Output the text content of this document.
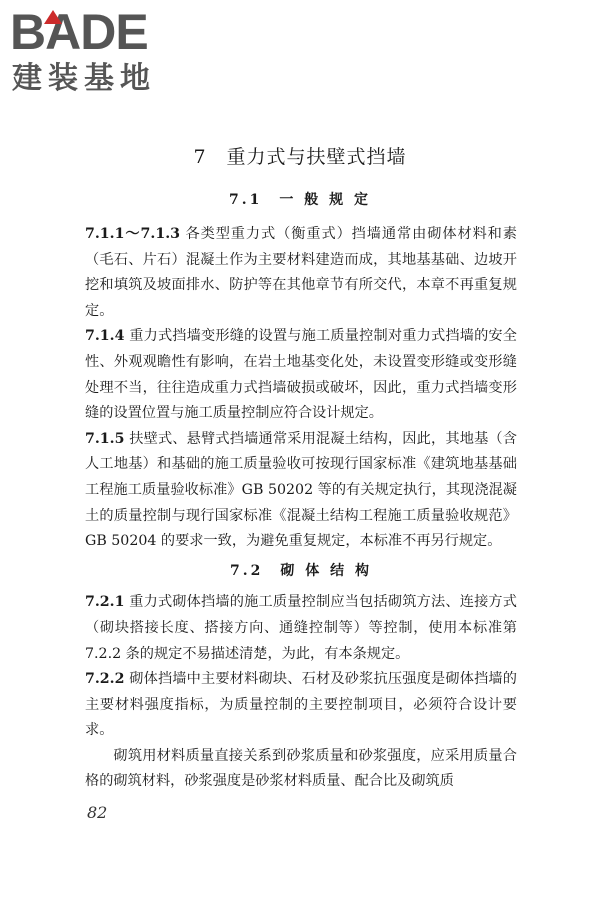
BADE
建装基地
7　重力式与扶壁式挡墙
7.1　一 般 规 定

7.1.1～7.1.3 各类型重力式（衡重式）挡墙通常由砌体材料和素（毛石、片石）混凝土作为主要材料建造而成，其地基基础、边坡开挖和填筑及坡面排水、防护等在其他章节有所交代，本章不再重复规定。

7.1.4 重力式挡墙变形缝的设置与施工质量控制对重力式挡墙的安全性、外观观瞻性有影响，在岩土地基变化处，未设置变形缝或变形缝处理不当，往往造成重力式挡墙破损或破坏，因此，重力式挡墙变形缝的设置位置与施工质量控制应符合设计规定。

7.1.5 扶壁式、悬臂式挡墙通常采用混凝土结构，因此，其地基（含人工地基）和基础的施工质量验收可按现行国家标准《建筑地基基础工程施工质量验收标准》GB 50202 等的有关规定执行，其现浇混凝土的质量控制与现行国家标准《混凝土结构工程施工质量验收规范》GB 50204 的要求一致，为避免重复规定，本标准不再另行规定。

7.2　砌 体 结 构

7.2.1 重力式砌体挡墙的施工质量控制应当包括砌筑方法、连接方式（砌块搭接长度、搭接方向、通缝控制等）等控制，使用本标准第 7.2.2 条的规定不易描述清楚，为此，有本条规定。

7.2.2 砌体挡墙中主要材料砌块、石材及砂浆抗压强度是砌体挡墙的主要材料强度指标，为质量控制的主要控制项目，必须符合设计要求。

砌筑用材料质量直接关系到砂浆质量和砂浆强度，应采用质量合格的砌筑材料，砂浆强度是砂浆材料质量、配合比及砌筑质

82
